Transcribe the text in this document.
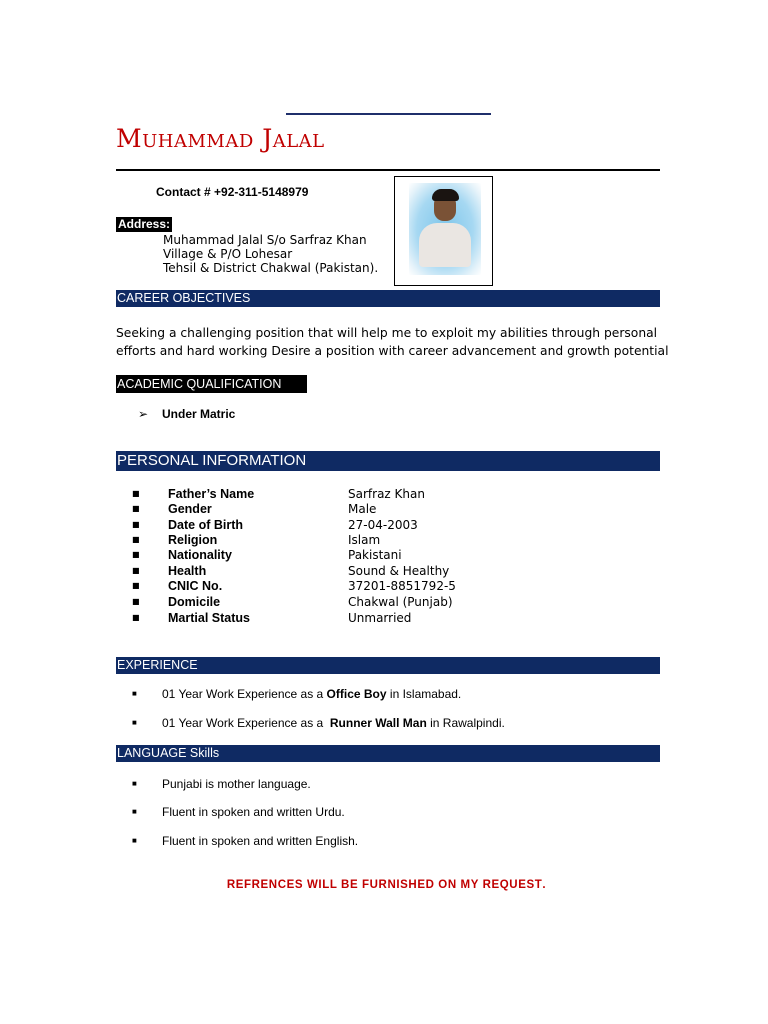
Muhammad Jalal
Contact # +92-311-5148979
Address:
Muhammad Jalal S/o Sarfraz Khan
Village & P/O Lohesar
Tehsil & District Chakwal (Pakistan).
CAREER OBJECTIVES
Seeking a challenging position that will help me to exploit my abilities through personal
efforts and hard working Desire a position with career advancement and growth potential
ACADEMIC QUALIFICATION
➢ Under Matric
PERSONAL INFORMATION
■ Father’s Name	Sarfraz Khan
■ Gender	Male
■ Date of Birth	27-04-2003
■ Religion	Islam
■ Nationality	Pakistani
■ Health	Sound & Healthy
■ CNIC No.	37201-8851792-5
■ Domicile	Chakwal (Punjab)
■ Martial Status	Unmarried
EXPERIENCE
■ 01 Year Work Experience as a Office Boy in Islamabad.
■ 01 Year Work Experience as a  Runner Wall Man in Rawalpindi.
LANGUAGE Skills
■ Punjabi is mother language.
■ Fluent in spoken and written Urdu.
■ Fluent in spoken and written English.
REFRENCES WILL BE FURNISHED ON MY REQUEST.
